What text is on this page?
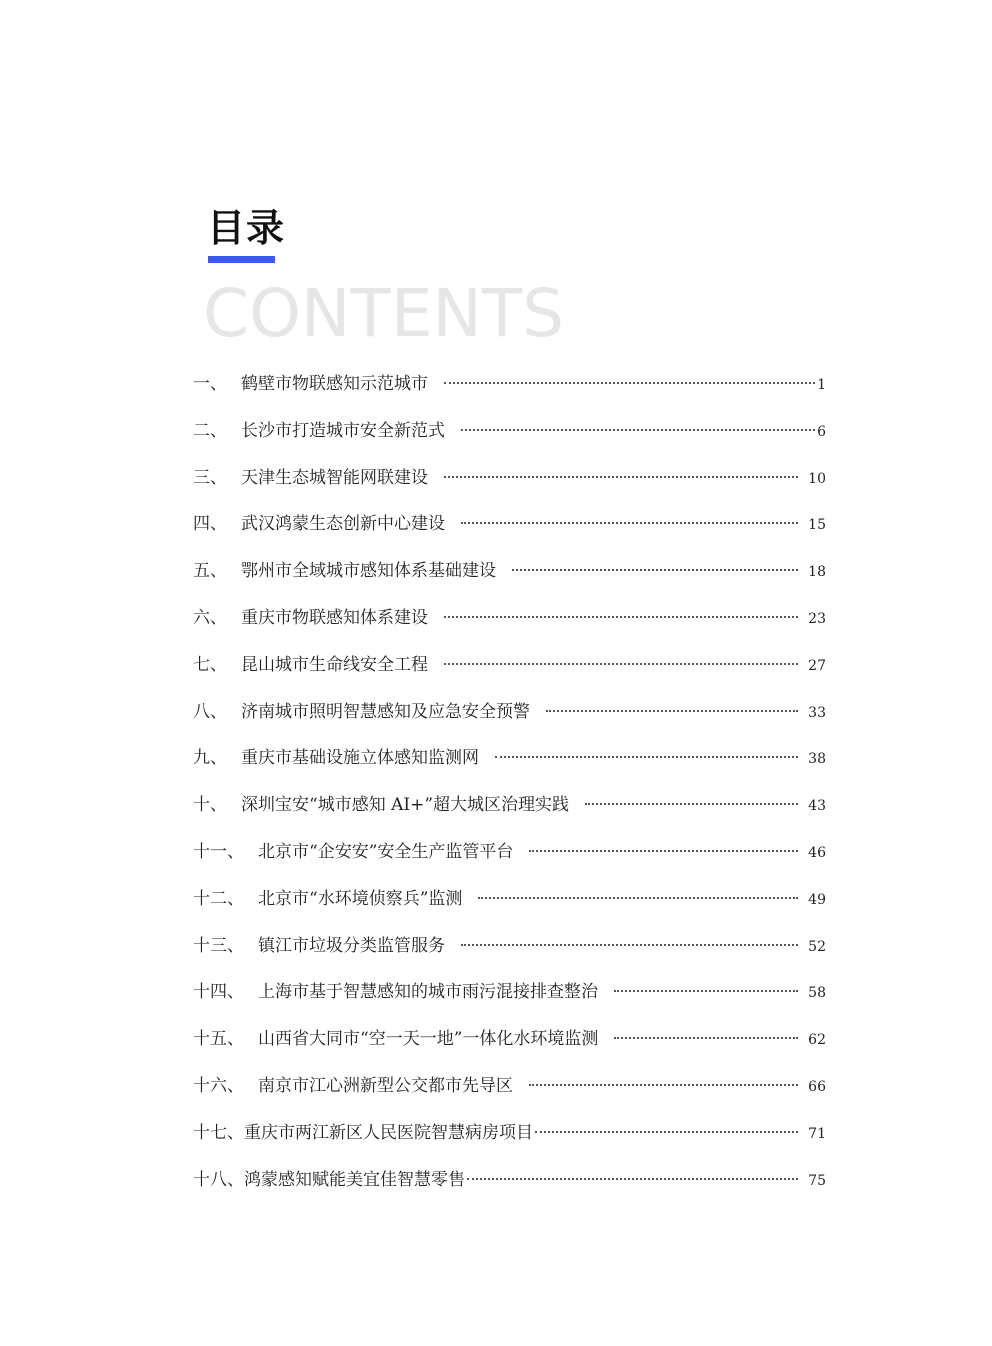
目录
CONTENTS
一、 鹤壁市物联感知示范城市	1
二、 长沙市打造城市安全新范式	6
三、 天津生态城智能网联建设	10
四、 武汉鸿蒙生态创新中心建设	15
五、 鄂州市全域城市感知体系基础建设	18
六、 重庆市物联感知体系建设	23
七、 昆山城市生命线安全工程	27
八、 济南城市照明智慧感知及应急安全预警	33
九、 重庆市基础设施立体感知监测网	38
十、 深圳宝安“城市感知 AI+”超大城区治理实践	43
十一、 北京市“企安安”安全生产监管平台	46
十二、 北京市“水环境侦察兵”监测	49
十三、 镇江市垃圾分类监管服务	52
十四、 上海市基于智慧感知的城市雨污混接排查整治	58
十五、 山西省大同市“空一天一地”一体化水环境监测	62
十六、 南京市江心洲新型公交都市先导区	66
十七、 重庆市两江新区人民医院智慧病房项目	71
十八、 鸿蒙感知赋能美宜佳智慧零售	75
